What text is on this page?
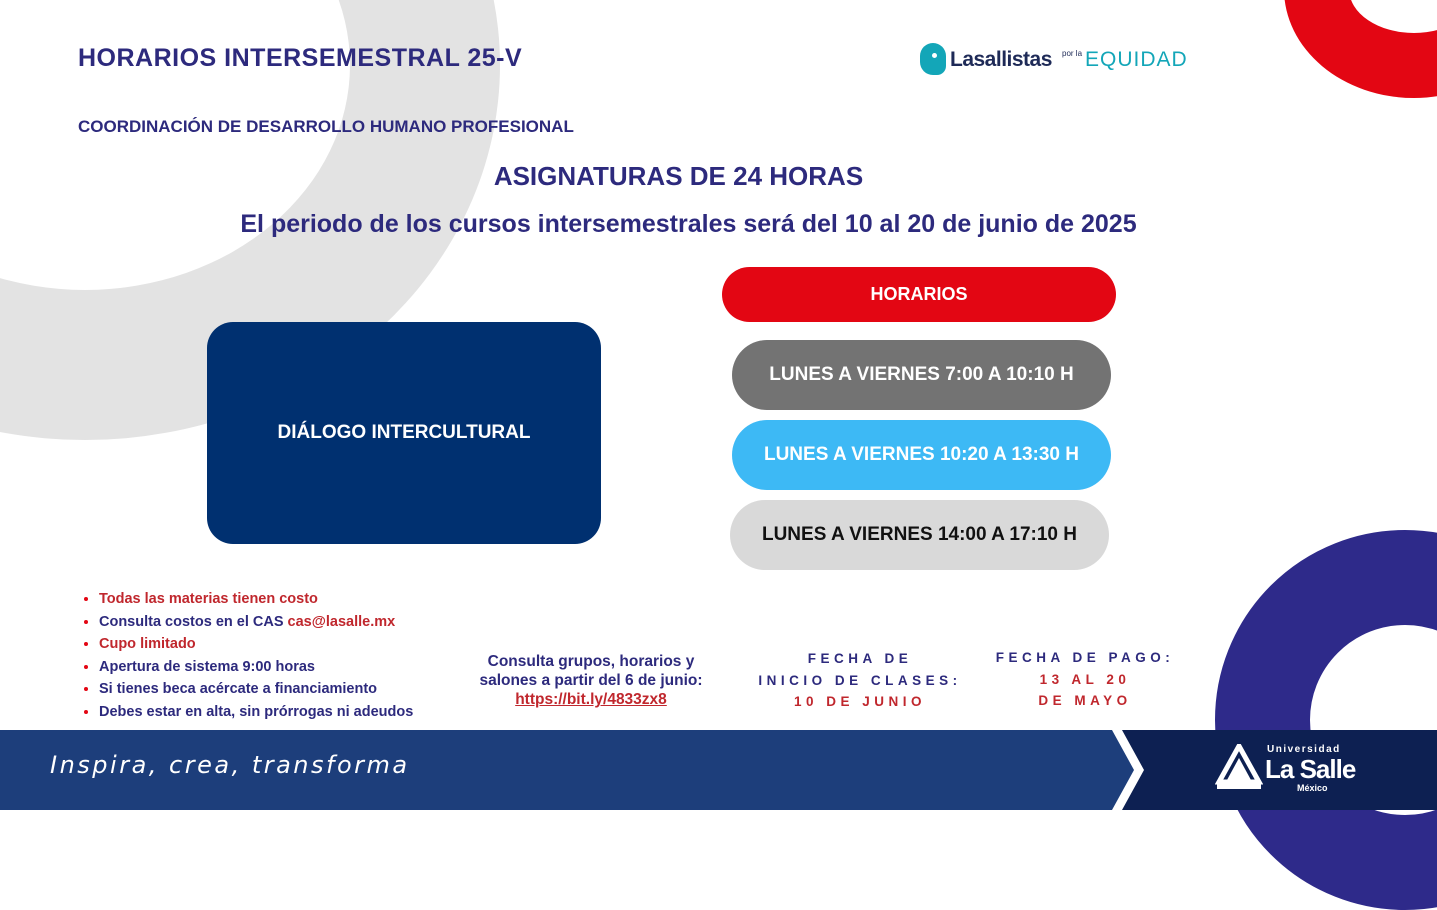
HORARIOS INTERSEMESTRAL 25-V
COORDINACIÓN DE DESARROLLO HUMANO PROFESIONAL
ASIGNATURAS DE 24 HORAS

El periodo de los cursos intersemestrales será del 10 al 20 de junio de 2025

Lasallistas por la EQUIDAD
DIÁLOGO INTERCULTURAL
HORARIOS
LUNES A VIERNES 7:00 A 10:10 H
LUNES A VIERNES 10:20 A 13:30 H
LUNES A VIERNES 14:00 A 17:10 H
• Todas las materias tienen costo
• Consulta costos en el CAS cas@lasalle.mx
• Cupo limitado
• Apertura de sistema 9:00 horas
• Si tienes beca acércate a financiamiento
• Debes estar en alta, sin prórrogas ni adeudos
Consulta grupos, horarios y
salones a partir del 6 de junio:
https://bit.ly/4833zx8
FECHA DE
INICIO DE CLASES:
10 DE JUNIO
FECHA DE PAGO:
13 AL 20
DE MAYO
Inspira, crea, transforma
Universidad
La Salle
México
